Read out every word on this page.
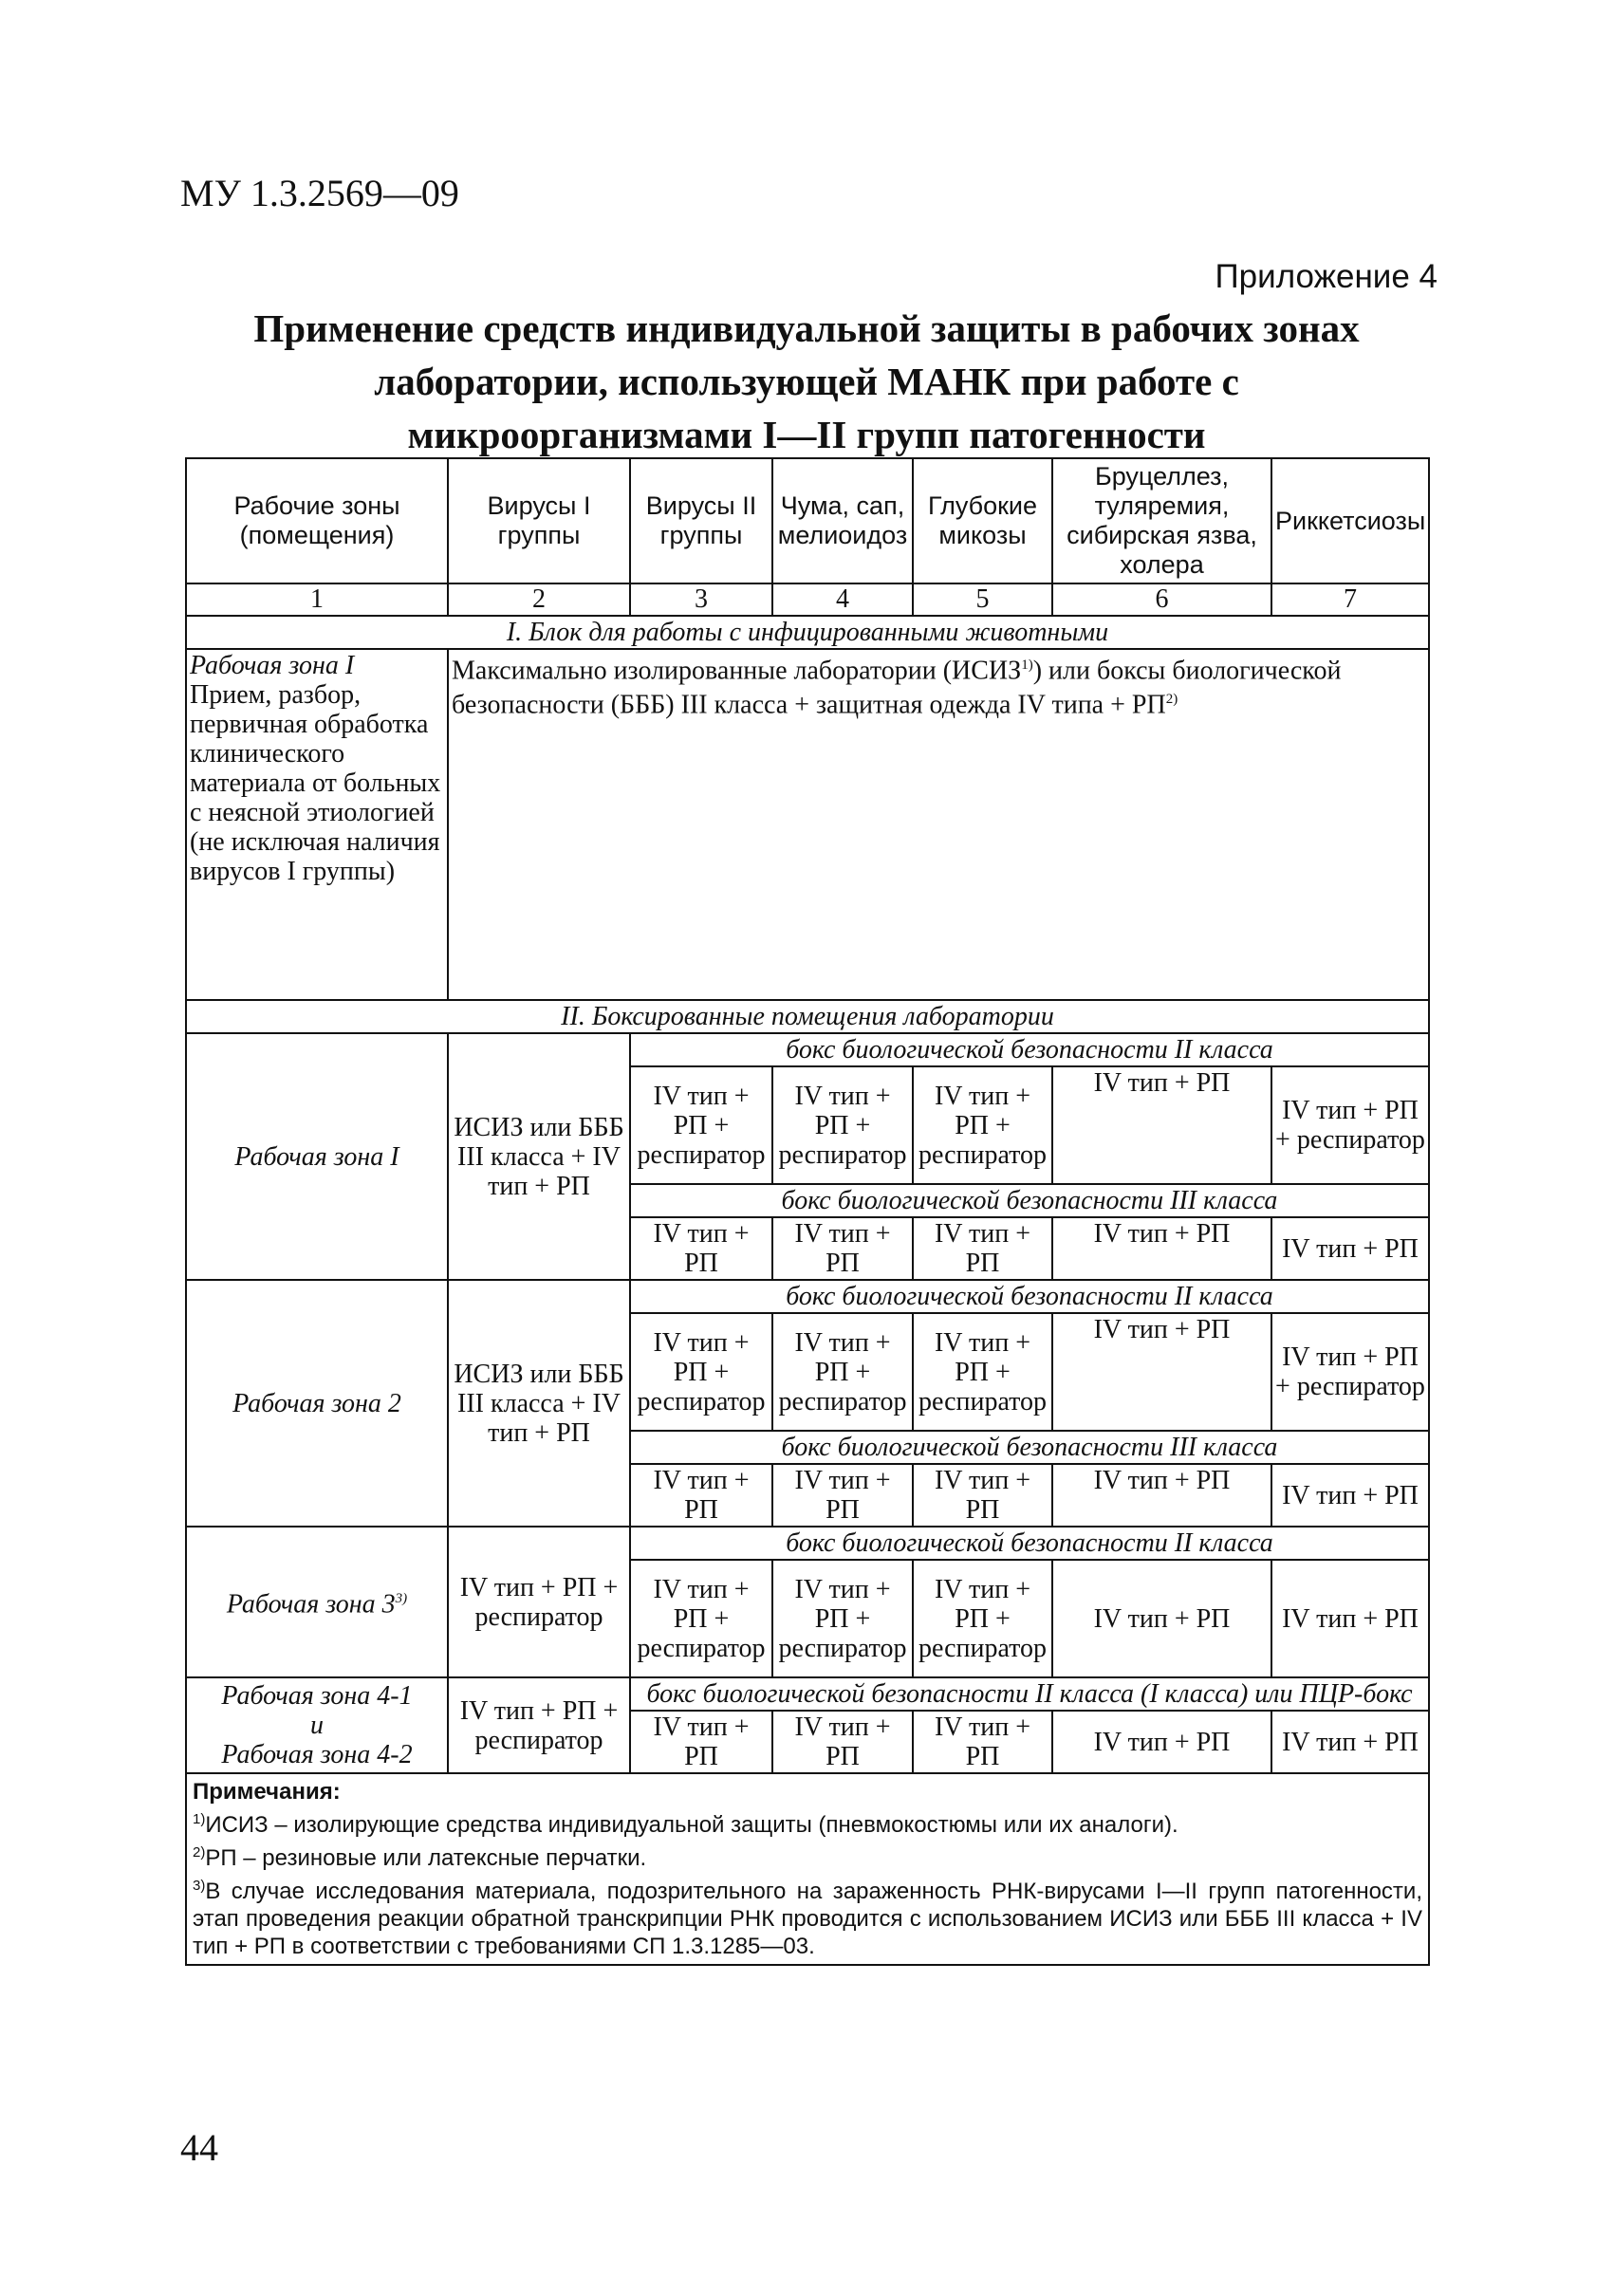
МУ 1.3.2569—09
Приложение 4
Применение средств индивидуальной защиты в рабочих зонах
лаборатории, использующей МАНК при работе с
микроорганизмами I—II групп патогенности
Рабочие зоны (помещения)	Вирусы I группы	Вирусы II группы	Чума, сап, мелиоидоз	Глубокие микозы	Бруцеллез, туляремия, сибирская язва, холера	Риккетсиозы
1	2	3	4	5	6	7
I. Блок для работы с инфицированными животными						
Рабочая зона I
Прием, разбор, первичная обработка клинического материала от больных с неясной этиологией (не исключая наличия вирусов I группы)	Максимально изолированные лаборатории (ИСИЗ$^{1)}$) или боксы биологической безопасности (БББ) III класса + защитная одежда IV типа + $РП^{2)}$
II. Боксированные помещения лаборатории						
Рабочая зона I	ИСИЗ или БББ III класса + IV тип + РП	бокс биологической безопасности II класса				
		IV тип + РП + респиратор	IV тип + РП + респиратор	IV тип + РП + респиратор	IV тип + РП	IV тип + РП + респиратор
		бокс биологической безопасности III класса				
		IV тип + РП	IV тип + РП	IV тип + РП	IV тип + РП	IV тип + РП
Рабочая зона 2	ИСИЗ или БББ III класса + IV тип + РП	бокс биологической безопасности II класса				
		IV тип + РП + респиратор	IV тип + РП + респиратор	IV тип + РП + респиратор	IV тип + РП	IV тип + РП + респиратор
		бокс биологической безопасности III класса				
		IV тип + РП	IV тип + РП	IV тип + РП	IV тип + РП	IV тип + РП
Рабочая зона 3$^{3)}$	IV тип + РП + респиратор	бокс биологической безопасности II класса				
		IV тип + РП + респиратор	IV тип + РП + респиратор	IV тип + РП + респиратор	IV тип + РП	IV тип + РП
Рабочая зона 4-1
и
Рабочая зона 4-2	IV тип + РП + респиратор	бокс биологической безопасности II класса (I класса) или ПЦР-бокс				
		IV тип + РП	IV тип + РП	IV тип + РП	IV тип + РП	IV тип + РП

Примечания:
$^{1)}$ИСИЗ – изолирующие средства индивидуальной защиты (пневмокостюмы или их аналоги).
$^{2)}$РП – резиновые или латексные перчатки.
$^{3)}$В случае исследования материала, подозрительного на зараженность РНК-вирусами I—II групп патогенности, этап проведения реакции обратной транскрипции РНК проводится с использованием ИСИЗ или БББ III класса + IV тип + РП в соответствии с требованиями СП 1.3.1285—03.						
44
